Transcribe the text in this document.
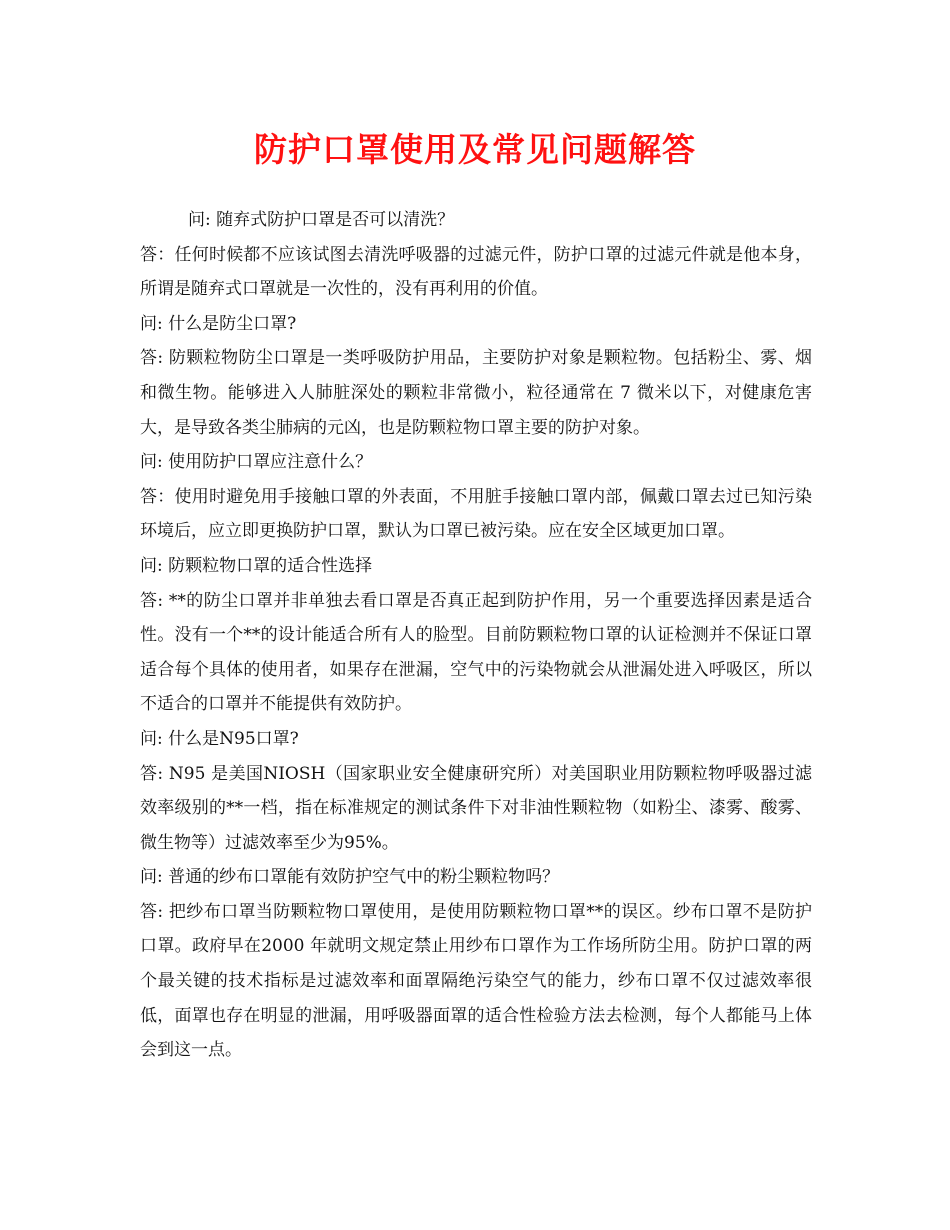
防护口罩使用及常见问题解答

问: 随弃式防护口罩是否可以清洗？

答：任何时候都不应该试图去清洗呼吸器的过滤元件，防护口罩的过滤元件就是他本身，所谓是随弃式口罩就是一次性的，没有再利用的价值。

问: 什么是防尘口罩?

答: 防颗粒物防尘口罩是一类呼吸防护用品，主要防护对象是颗粒物。包括粉尘、雾、烟和微生物。能够进入人肺脏深处的颗粒非常微小，粒径通常在 7 微米以下，对健康危害大，是导致各类尘肺病的元凶，也是防颗粒物口罩主要的防护对象。

问: 使用防护口罩应注意什么？

答：使用时避免用手接触口罩的外表面，不用脏手接触口罩内部，佩戴口罩去过已知污染环境后，应立即更换防护口罩，默认为口罩已被污染。应在安全区域更加口罩。

问: 防颗粒物口罩的适合性选择

答: **的防尘口罩并非单独去看口罩是否真正起到防护作用，另一个重要选择因素是适合性。没有一个**的设计能适合所有人的脸型。目前防颗粒物口罩的认证检测并不保证口罩适合每个具体的使用者，如果存在泄漏，空气中的污染物就会从泄漏处进入呼吸区，所以不适合的口罩并不能提供有效防护。

问: 什么是N95口罩?

答: N95 是美国NIOSH（国家职业安全健康研究所）对美国职业用防颗粒物呼吸器过滤效率级别的**一档，指在标准规定的测试条件下对非油性颗粒物（如粉尘、漆雾、酸雾、微生物等）过滤效率至少为95%。

问: 普通的纱布口罩能有效防护空气中的粉尘颗粒物吗？

答: 把纱布口罩当防颗粒物口罩使用，是使用防颗粒物口罩**的误区。纱布口罩不是防护口罩。政府早在2000 年就明文规定禁止用纱布口罩作为工作场所防尘用。防护口罩的两个最关键的技术指标是过滤效率和面罩隔绝污染空气的能力，纱布口罩不仅过滤效率很低，面罩也存在明显的泄漏，用呼吸器面罩的适合性检验方法去检测，每个人都能马上体会到这一点。
